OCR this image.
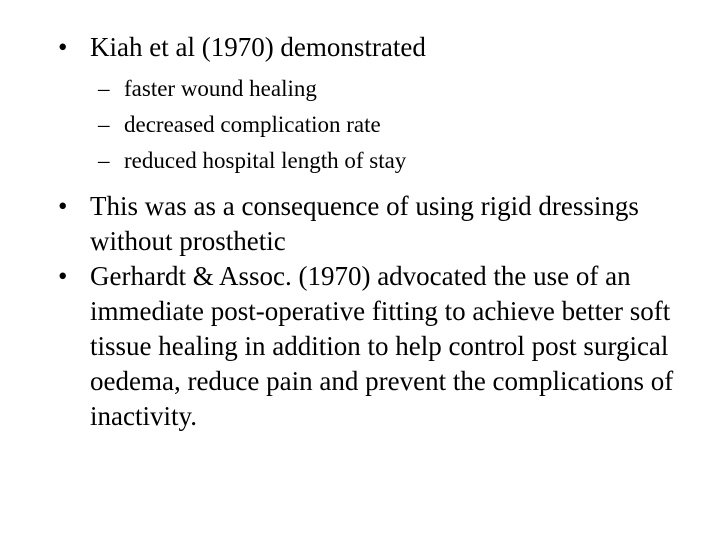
• Kiah et al (1970) demonstrated
– faster wound healing
– decreased complication rate
– reduced hospital length of stay
• This was as a consequence of using rigid dressings without prosthetic
• Gerhardt & Assoc. (1970) advocated the use of an immediate post-operative fitting to achieve better soft tissue healing in addition to help control post surgical oedema, reduce pain and prevent the complications of inactivity.
